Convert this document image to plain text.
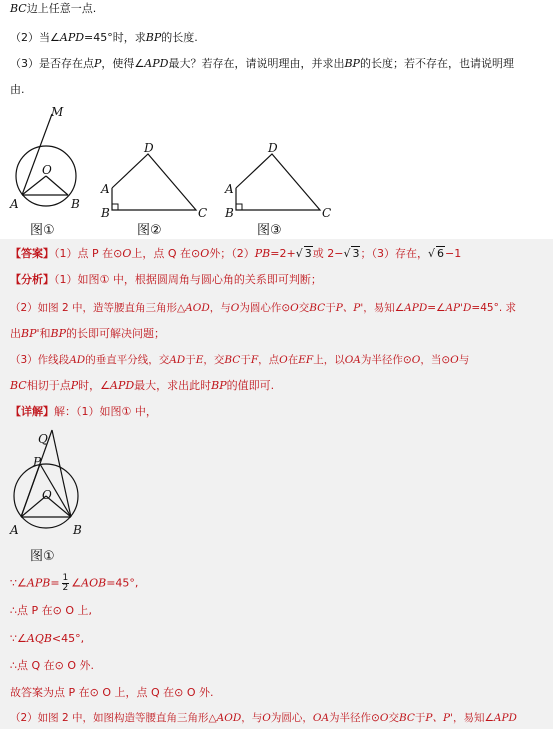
BC边上任意一点.
（2）当∠APD=45°时，求BP的长度.
（3）是否存在点P，使得∠APD最大？若存在，请说明理由，并求出BP的长度；若不存在，也请说明理
由.
M
O
A	B
图①
D
A
B	C
图②
D
A
B	C
图③
【答案】（1）点 P 在⊙O上，点 Q 在⊙O外；（2）PB=2+√ 3或 2−√ 3；（3）存在，√ 6−1
【分析】（1）如图① 中，根据圆周角与圆心角的关系即可判断；
（2）如图 2 中，造等腰直角三角形△AOD，与O为圆心作⊙O交BC于P、P'，易知∠APD=∠AP'D=45°. 求
出BP'和BP的长即可解决问题；
（3）作线段AD的垂直平分线，交AD于E，交BC于F，点O在EF上，以OA为半径作⊙O，当⊙O与
BC相切于点P时，∠APD最大，求出此时BP的值即可.
【详解】解：（1）如图① 中，
Q
P
O
A	B
图①
∵∠APB= $\frac{1}{2}$ ∠AOB=45°,
∴点 P 在⊙ O 上,
∵∠AQB<45°,
∴点 Q 在⊙ O 外.
故答案为点 P 在⊙ O 上，点 Q 在⊙ O 外.
（2）如图 2 中，如图构造等腰直角三角形△AOD，与O为圆心，OA为半径作⊙O交BC于P、P'，易知∠APD
